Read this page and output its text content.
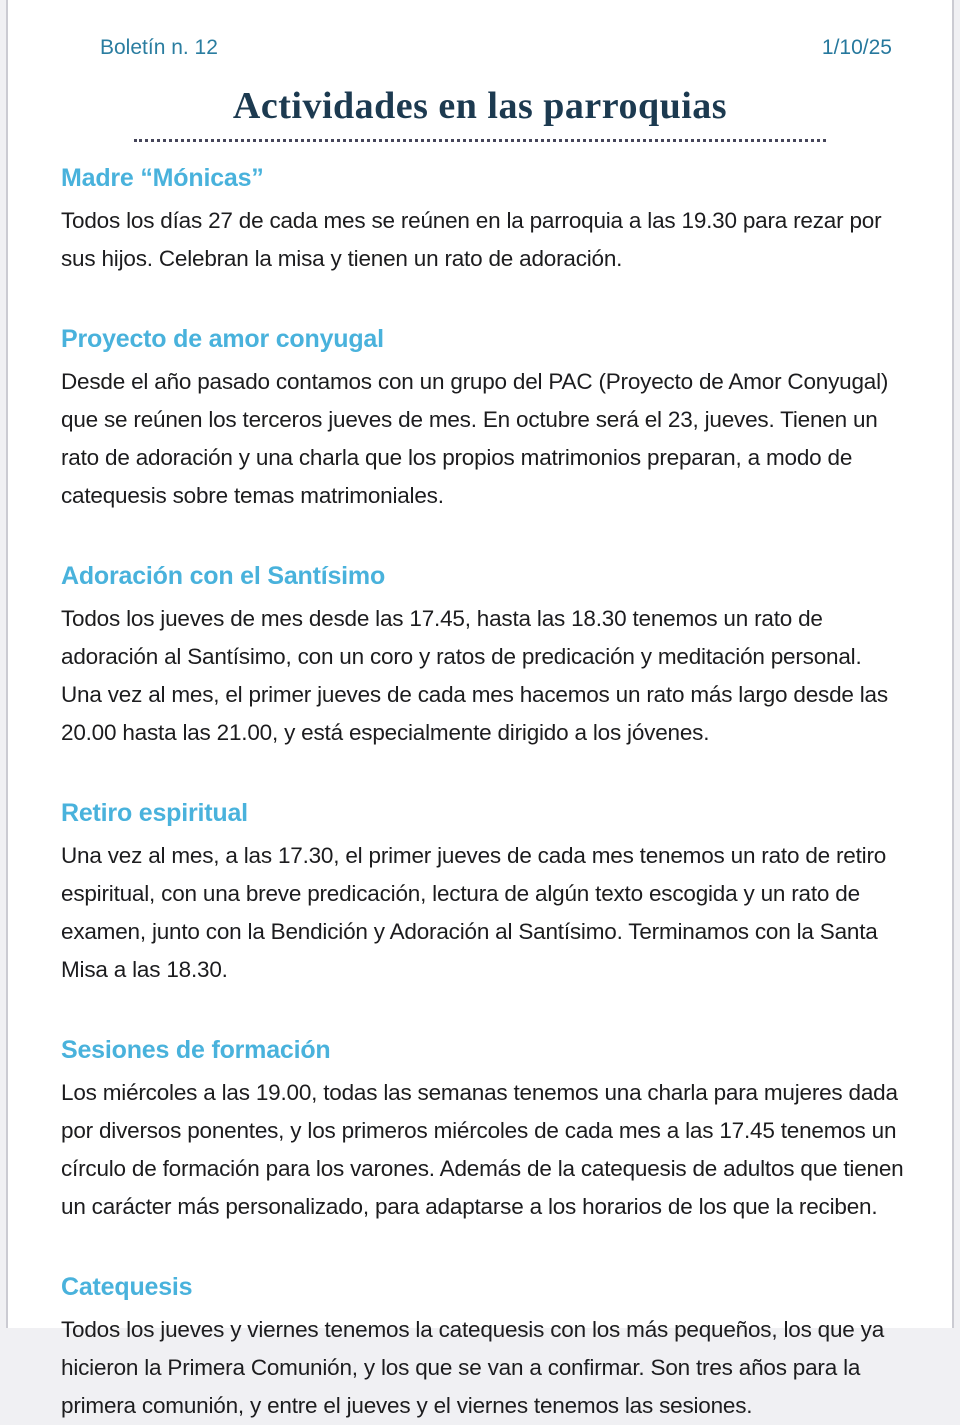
Boletín n. 12	1/10/25
Actividades en las parroquias
Madre “Mónicas”

Todos los días 27 de cada mes se reúnen en la parroquia a las 19.30 para rezar por sus hijos. Celebran la misa y tienen un rato de adoración.

Proyecto de amor conyugal

Desde el año pasado contamos con un grupo del PAC (Proyecto de Amor Conyugal) que se reúnen los terceros jueves de mes. En octubre será el 23, jueves. Tienen un rato de adoración y una charla que los propios matrimonios preparan, a modo de catequesis sobre temas matrimoniales.

Adoración con el Santísimo

Todos los jueves de mes desde las 17.45, hasta las 18.30 tenemos un rato de adoración al Santísimo, con un coro y ratos de predicación y meditación personal. Una vez al mes, el primer jueves de cada mes hacemos un rato más largo desde las 20.00 hasta las 21.00, y está especialmente dirigido a los jóvenes.

Retiro espiritual

Una vez al mes, a las 17.30, el primer jueves de cada mes tenemos un rato de retiro espiritual, con una breve predicación, lectura de algún texto escogida y un rato de examen, junto con la Bendición y Adoración al Santísimo. Terminamos con la Santa Misa a las 18.30.

Sesiones de formación

Los miércoles a las 19.00, todas las semanas tenemos una charla para mujeres dada por diversos ponentes, y los primeros miércoles de cada mes a las 17.45 tenemos un círculo de formación para los varones. Además de la catequesis de adultos que tienen un carácter más personalizado, para adaptarse a los horarios de los que la reciben.

Catequesis

Todos los jueves y viernes tenemos la catequesis con los más pequeños, los que ya hicieron la Primera Comunión, y los que se van a confirmar. Son tres años para la primera comunión, y entre el jueves y el viernes tenemos las sesiones.
